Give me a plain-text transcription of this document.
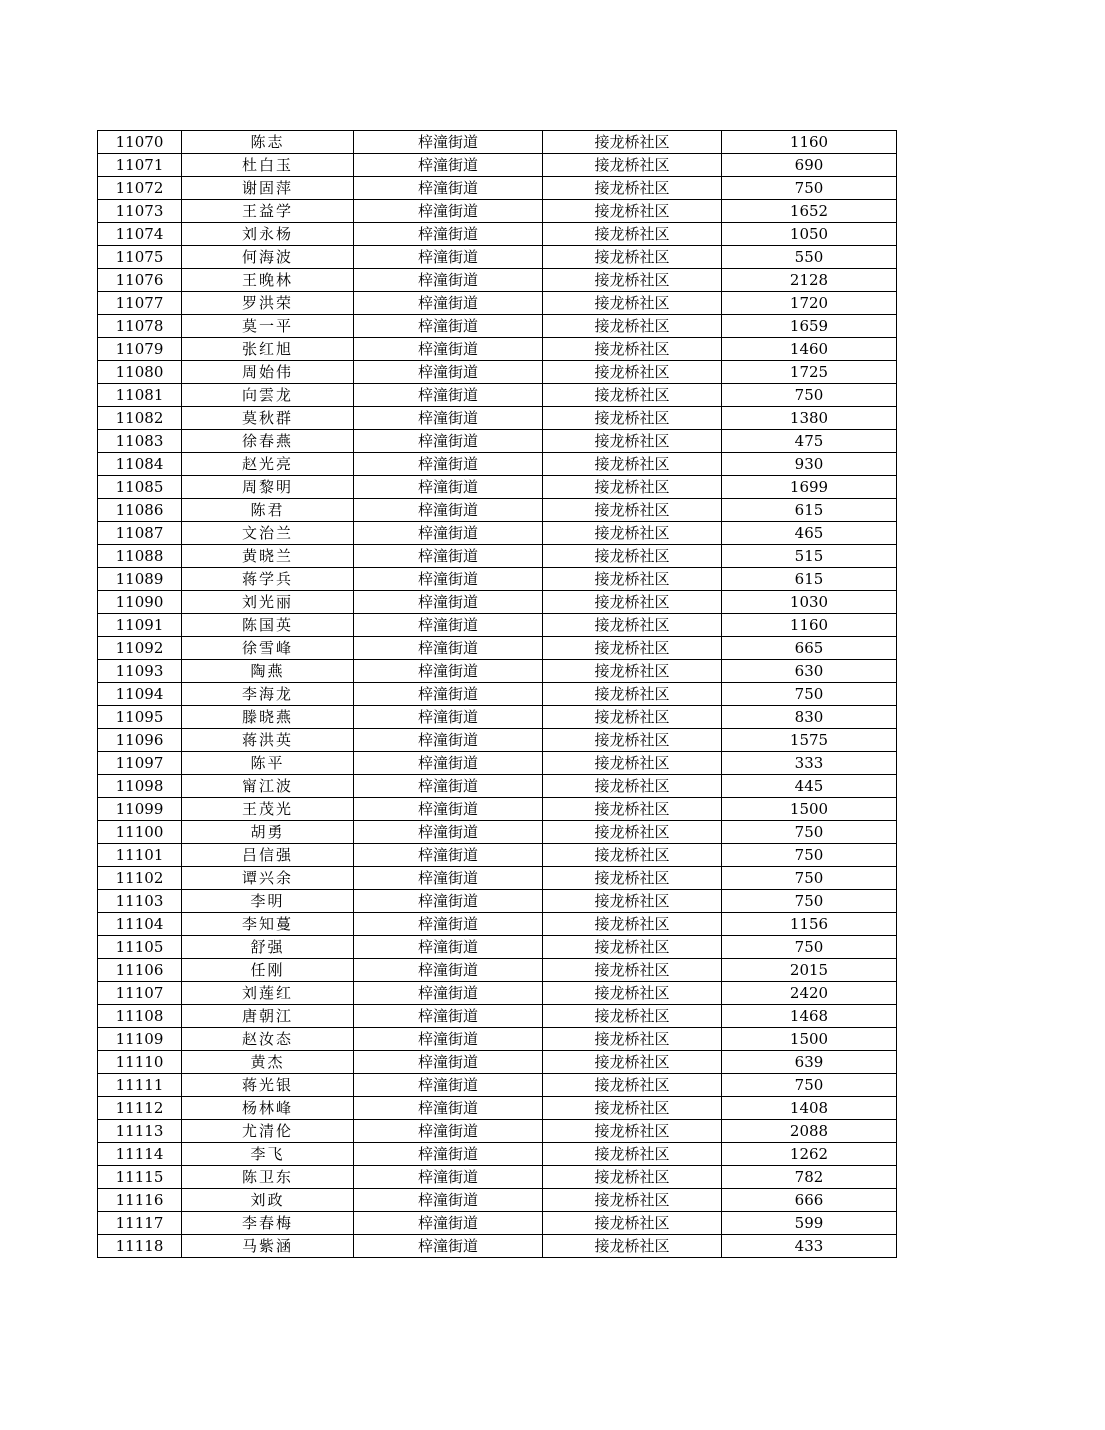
11070	陈志	梓潼街道	接龙桥社区	1160
11071	杜白玉	梓潼街道	接龙桥社区	690
11072	谢固萍	梓潼街道	接龙桥社区	750
11073	王益学	梓潼街道	接龙桥社区	1652
11074	刘永杨	梓潼街道	接龙桥社区	1050
11075	何海波	梓潼街道	接龙桥社区	550
11076	王晚林	梓潼街道	接龙桥社区	2128
11077	罗洪荣	梓潼街道	接龙桥社区	1720
11078	莫一平	梓潼街道	接龙桥社区	1659
11079	张红旭	梓潼街道	接龙桥社区	1460
11080	周始伟	梓潼街道	接龙桥社区	1725
11081	向雲龙	梓潼街道	接龙桥社区	750
11082	莫秋群	梓潼街道	接龙桥社区	1380
11083	徐春燕	梓潼街道	接龙桥社区	475
11084	赵光亮	梓潼街道	接龙桥社区	930
11085	周黎明	梓潼街道	接龙桥社区	1699
11086	陈君	梓潼街道	接龙桥社区	615
11087	文治兰	梓潼街道	接龙桥社区	465
11088	黄晓兰	梓潼街道	接龙桥社区	515
11089	蒋学兵	梓潼街道	接龙桥社区	615
11090	刘光丽	梓潼街道	接龙桥社区	1030
11091	陈国英	梓潼街道	接龙桥社区	1160
11092	徐雪峰	梓潼街道	接龙桥社区	665
11093	陶燕	梓潼街道	接龙桥社区	630
11094	李海龙	梓潼街道	接龙桥社区	750
11095	滕晓燕	梓潼街道	接龙桥社区	830
11096	蒋洪英	梓潼街道	接龙桥社区	1575
11097	陈平	梓潼街道	接龙桥社区	333
11098	甯江波	梓潼街道	接龙桥社区	445
11099	王茂光	梓潼街道	接龙桥社区	1500
11100	胡勇	梓潼街道	接龙桥社区	750
11101	吕信强	梓潼街道	接龙桥社区	750
11102	谭兴余	梓潼街道	接龙桥社区	750
11103	李明	梓潼街道	接龙桥社区	750
11104	李知蔓	梓潼街道	接龙桥社区	1156
11105	舒强	梓潼街道	接龙桥社区	750
11106	任刚	梓潼街道	接龙桥社区	2015
11107	刘莲红	梓潼街道	接龙桥社区	2420
11108	唐朝江	梓潼街道	接龙桥社区	1468
11109	赵汝态	梓潼街道	接龙桥社区	1500
11110	黄杰	梓潼街道	接龙桥社区	639
11111	蒋光银	梓潼街道	接龙桥社区	750
11112	杨林峰	梓潼街道	接龙桥社区	1408
11113	尤清伦	梓潼街道	接龙桥社区	2088
11114	李飞	梓潼街道	接龙桥社区	1262
11115	陈卫东	梓潼街道	接龙桥社区	782
11116	刘政	梓潼街道	接龙桥社区	666
11117	李春梅	梓潼街道	接龙桥社区	599
11118	马紫涵	梓潼街道	接龙桥社区	433
